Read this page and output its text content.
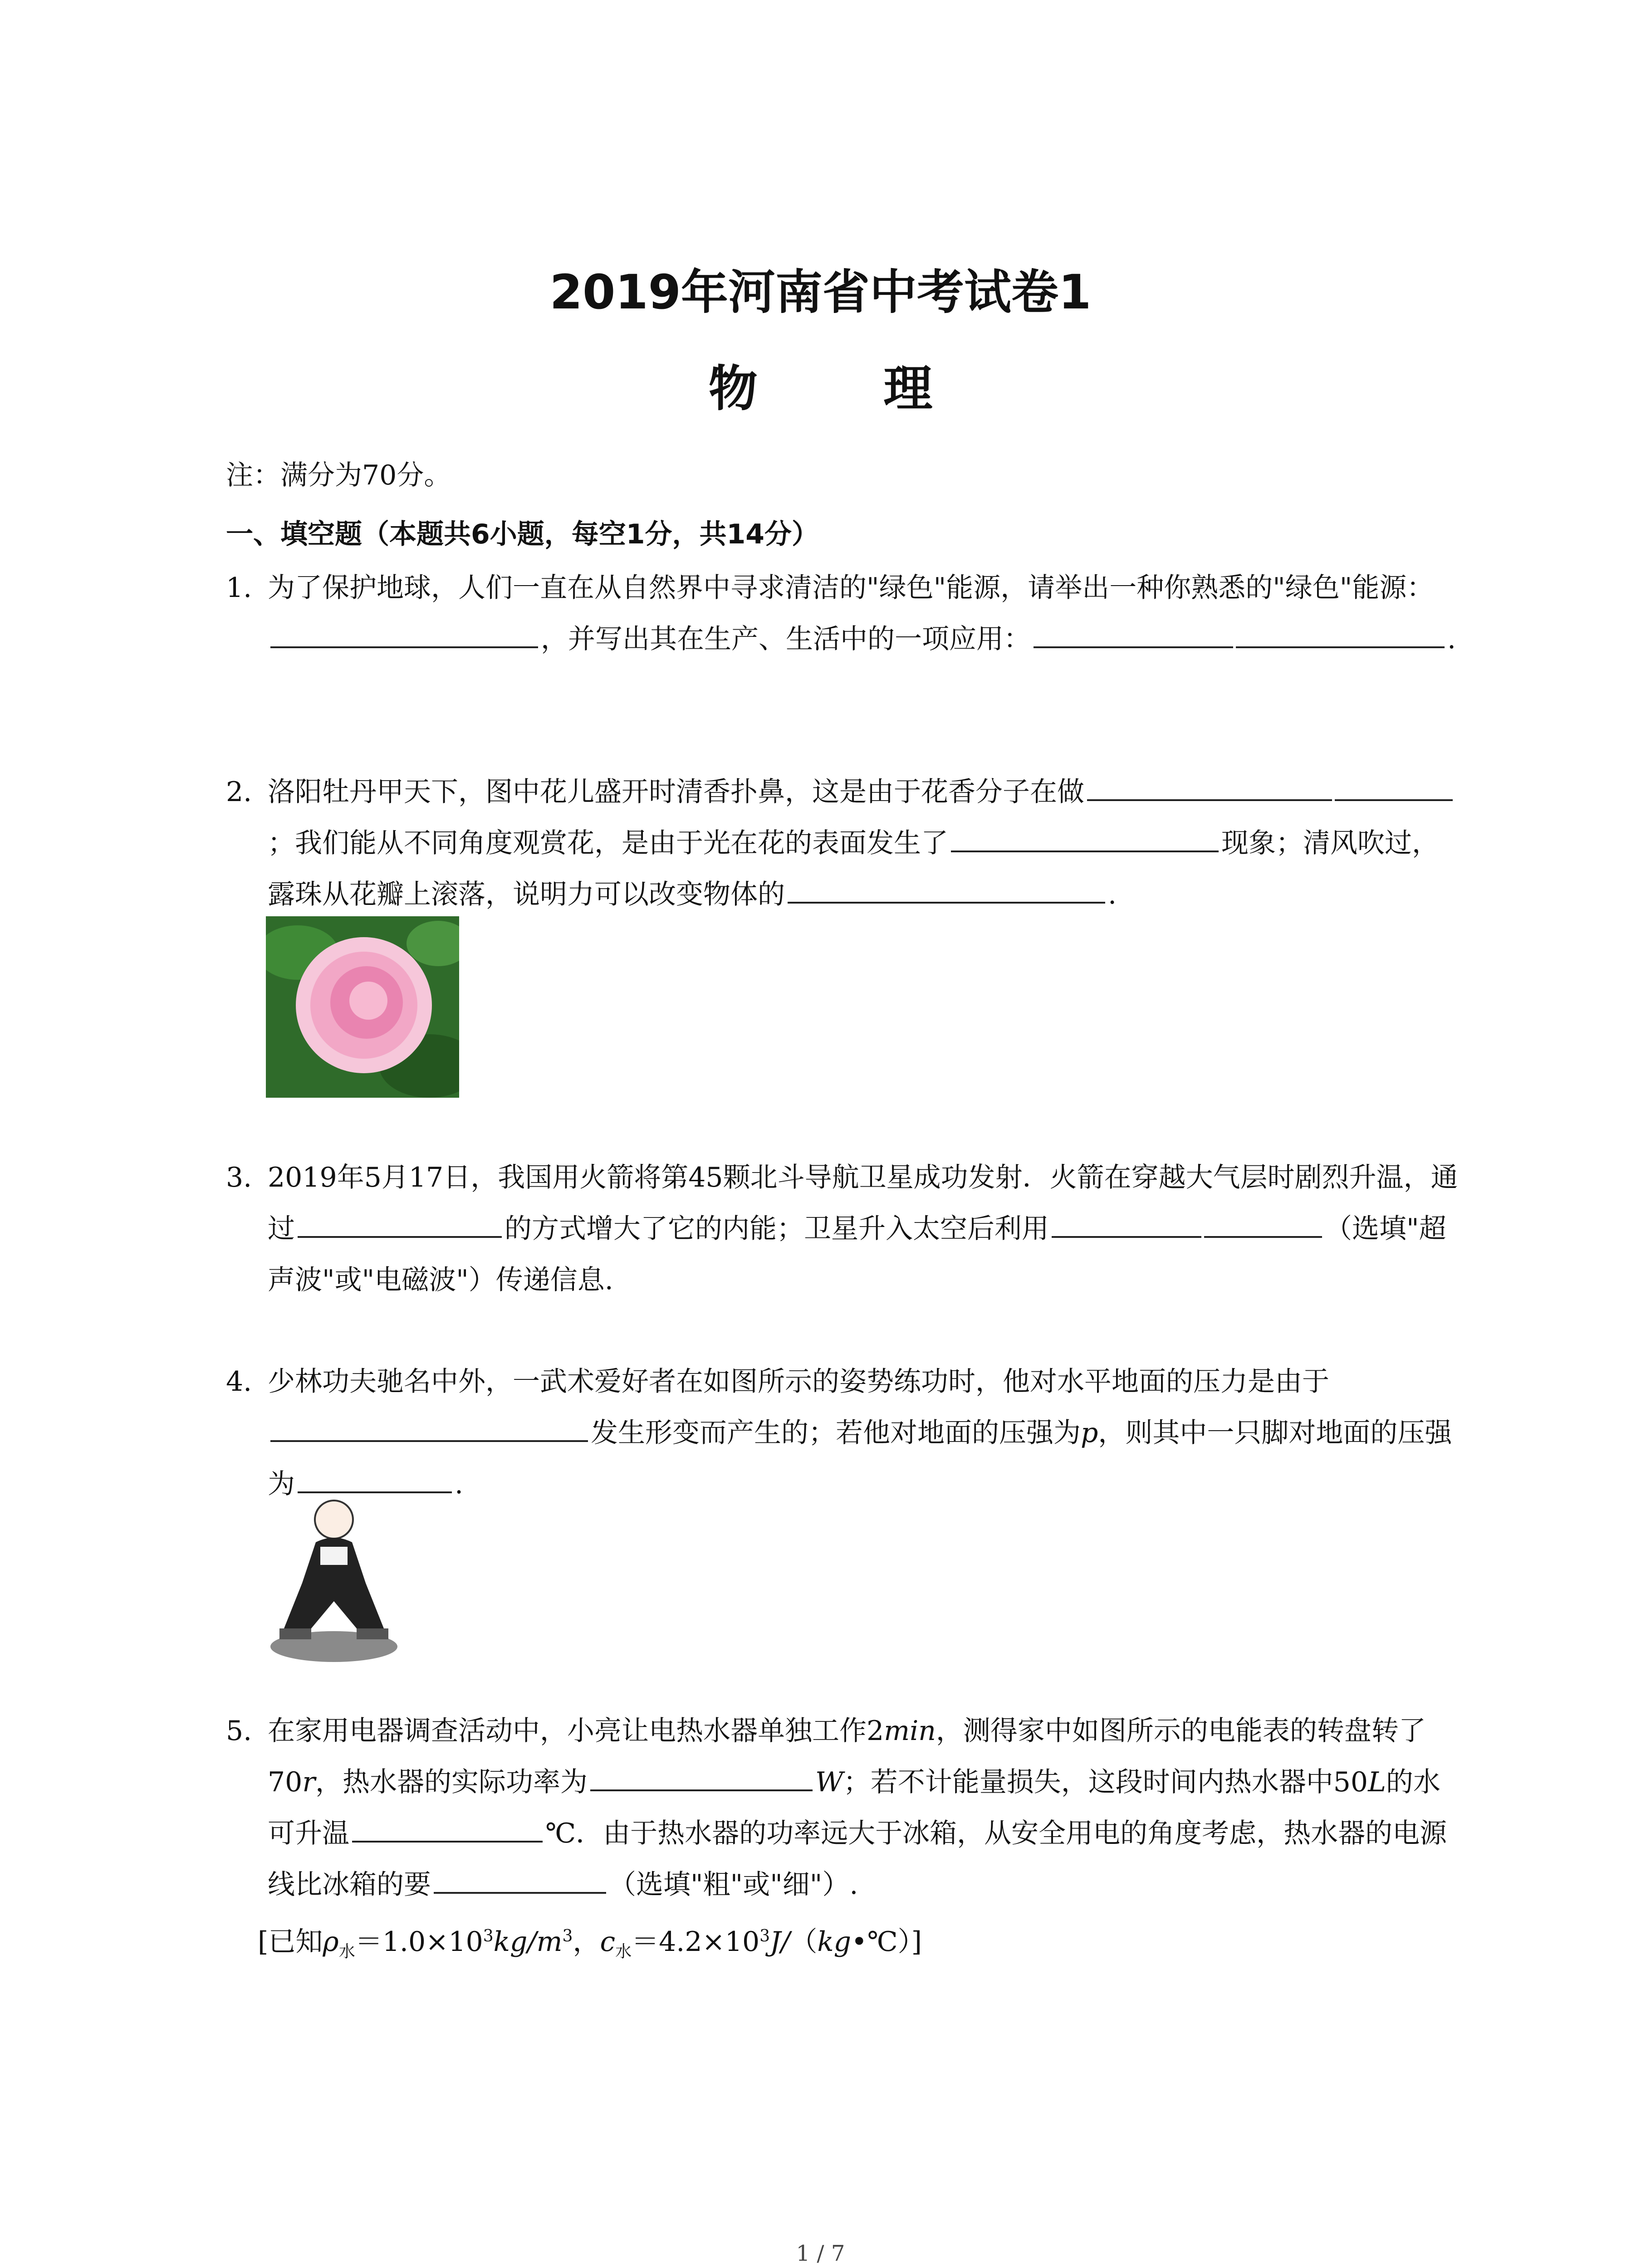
2019年河南省中考试卷1
物 理
注：满分为70分。
一、填空题（本题共6小题，每空1分，共14分）
1. 为了保护地球，人们一直在从自然界中寻求清洁的"绿色"能源，请举出一种你熟悉的"绿色"能源：，并写出其在生产、生活中的一项应用：	.
2. 洛阳牡丹甲天下，图中花儿盛开时清香扑鼻，这是由于花香分子在做；我们能从不同角度观赏花，是由于光在花的表面发生了	现象；清风吹过，露珠从花瓣上滚落，说明力可以改变物体的	.
3. 2019年5月17日，我国用火箭将第45颗北斗导航卫星成功发射．火箭在穿越大气层时剧烈升温，通过	的方式增大了它的内能；卫星升入太空后利用	（选填"超声波"或"电磁波"）传递信息.
4. 少林功夫驰名中外，一武术爱好者在如图所示的姿势练功时，他对水平地面的压力是由于发生形变而产生的；若他对地面的压强为p，则其中一只脚对地面的压强为	.
5. 在家用电器调查活动中，小亮让电热水器单独工作2min，测得家中如图所示的电能表的转盘转了70r，热水器的实际功率为	W；若不计能量损失，这段时间内热水器中50L的水可升温	℃．由于热水器的功率远大于冰箱，从安全用电的角度考虑，热水器的电源线比冰箱的要	（选填"粗"或"细"）.
[已知$\rho_水=1.0\times 10^3kg/m^3$，$c_水=4.2\times 10^3J/(kg•℃)$]
1 / 7
